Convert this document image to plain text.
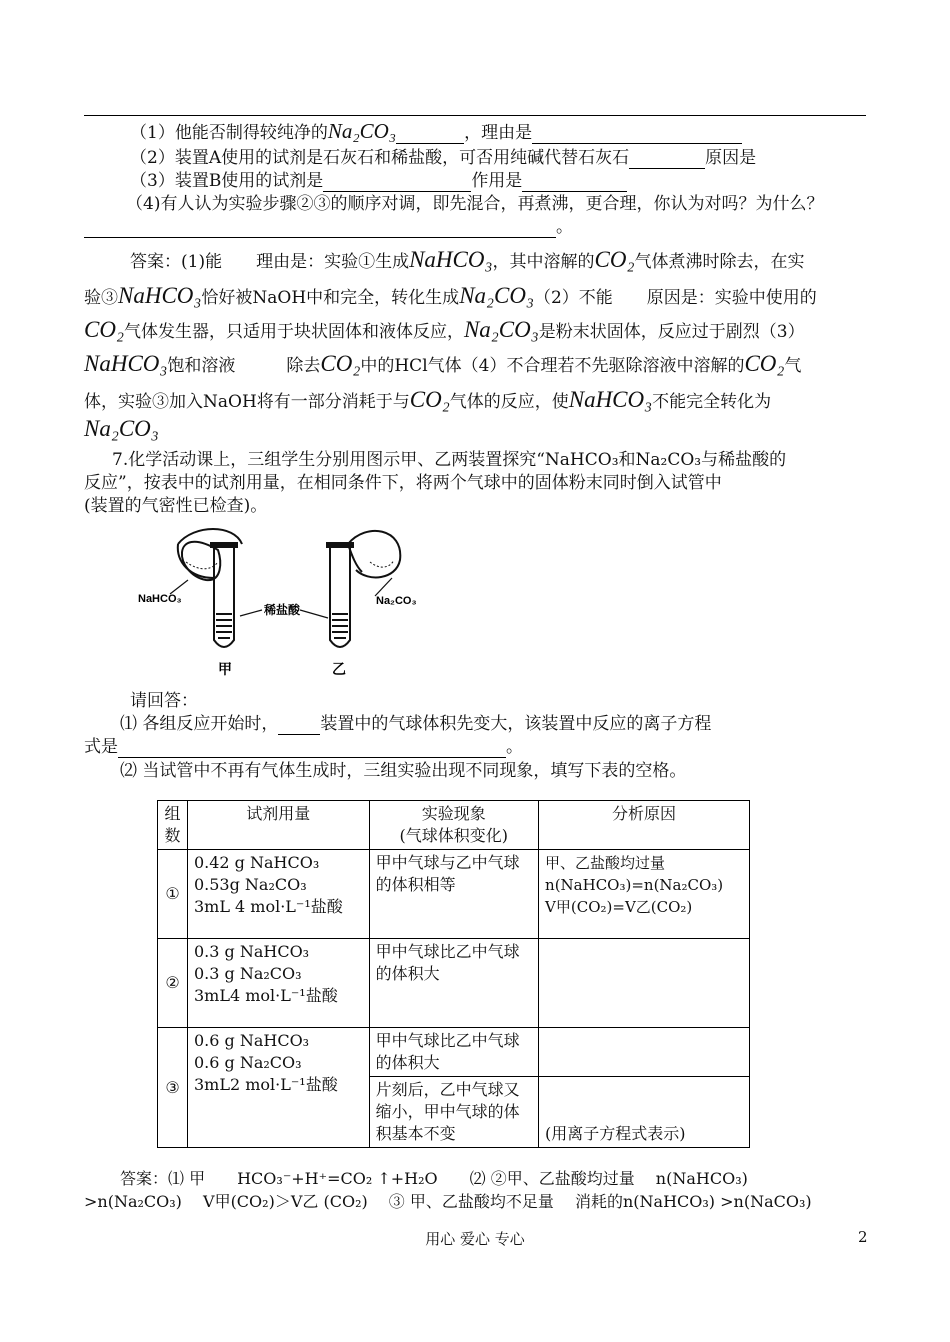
（1）他能否制得较纯净的Na₂CO₃	，理由是
（2）装置A使用的试剂是石灰石和稀盐酸，可否用纯碱代替石灰石	原因是
（3）装置B使用的试剂是	作用是
（4)有人认为实验步骤②③的顺序对调，即先混合，再煮沸，更合理，你认为对吗？为什么？
。
答案：(1)能　　理由是：实验①生成NaHCO₃，其中溶解的CO₂气体煮沸时除去，在实
验③NaHCO₃恰好被NaOH中和完全，转化生成Na₂CO₃（2）不能　　原因是：实验中使用的
CO₂气体发生器，只适用于块状固体和液体反应，Na₂CO₃是粉末状固体，反应过于剧烈（3）
NaHCO₃饱和溶液　　　除去CO₂中的HCl气体（4）不合理若不先驱除溶液中溶解的CO₂气
体，实验③加入NaOH将有一部分消耗于与CO₂气体的反应，使NaHCO₃不能完全转化为
Na₂CO₃
7.化学活动课上，三组学生分别用图示甲、乙两装置探究“NaHCO₃和Na₂CO₃与稀盐酸的
反应”，按表中的试剂用量，在相同条件下，将两个气球中的固体粉末同时倒入试管中
(装置的气密性已检查)。
NaHCO₃
稀盐酸
Na₂CO₃
甲	乙
请回答：
⑴ 各组反应开始时， 装置中的气球体积先变大，该装置中反应的离子方程
式是	。
⑵ 当试管中不再有气体生成时，三组实验出现不同现象，填写下表的空格。
组数	试剂用量	实验现象
(气球体积变化)	分析原因
①	0.42 g NaHCO₃
0.53g Na₂CO₃
3mL 4 mol·L⁻¹盐酸	甲中气球与乙中气球的体积相等	甲、乙盐酸均过量
n(NaHCO₃)=n(Na₂CO₃)
V甲(CO₂)=V乙(CO₂)
②	0.3 g NaHCO₃
0.3 g Na₂CO₃
3mL4 mol·L⁻¹盐酸	甲中气球比乙中气球的体积大	
③	0.6 g NaHCO₃
0.6 g Na₂CO₃
3mL2 mol·L⁻¹盐酸	甲中气球比乙中气球的体积大	
		片刻后，乙中气球又缩小，甲中气球的体积基本不变	(用离子方程式表示)
答案：⑴ 甲　　HCO₃⁻+H⁺=CO₂ ↑+H₂O　　⑵ ②甲、乙盐酸均过量　 n(NaHCO₃)
>n(Na₂CO₃)　 V甲(CO₂)＞V乙 (CO₂)　 ③ 甲、乙盐酸均不足量　 消耗的n(NaHCO₃) >n(NaCO₃)
用心 爱心 专心	2
